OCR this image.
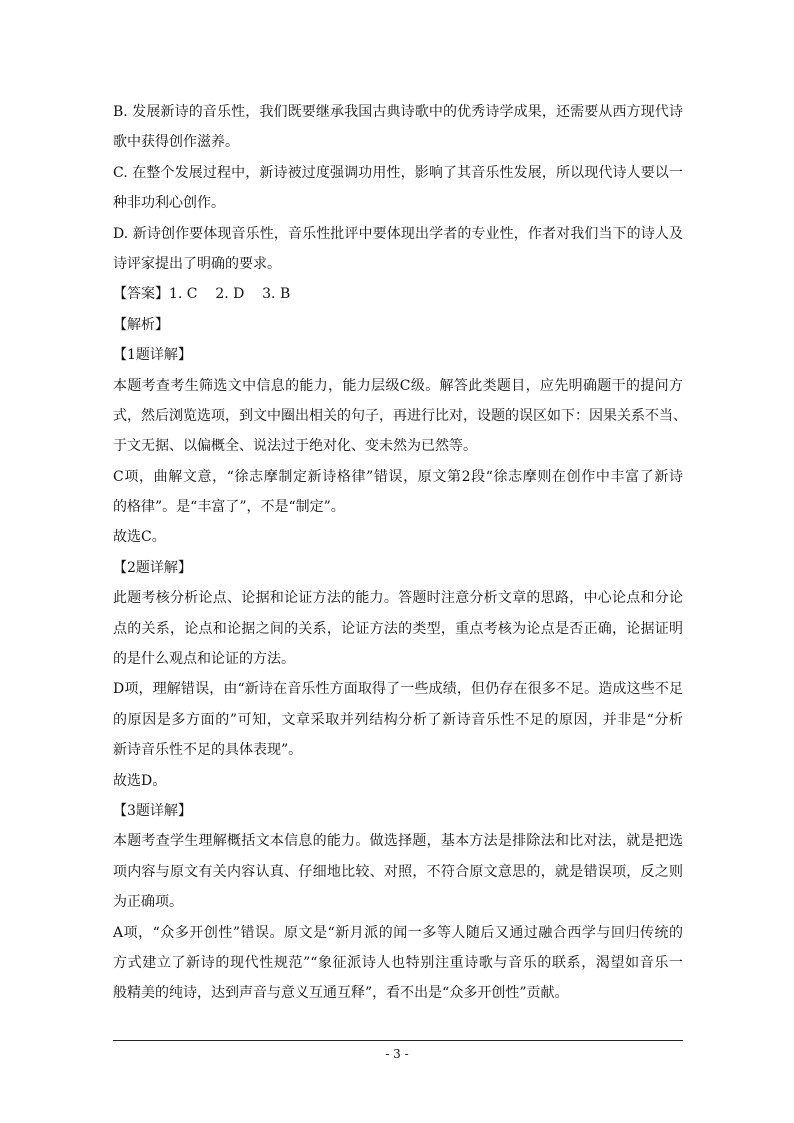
B. 发展新诗的音乐性，我们既要继承我国古典诗歌中的优秀诗学成果，还需要从西方现代诗
歌中获得创作滋养。
C. 在整个发展过程中，新诗被过度强调功用性，影响了其音乐性发展，所以现代诗人要以一
种非功利心创作。
D. 新诗创作要体现音乐性，音乐性批评中要体现出学者的专业性，作者对我们当下的诗人及
诗评家提出了明确的要求。
【答案】1. C    2. D    3. B
【解析】
【1题详解】
本题考查考生筛选文中信息的能力，能力层级C级。解答此类题目，应先明确题干的提问方
式，然后浏览选项，到文中圈出相关的句子，再进行比对，设题的误区如下：因果关系不当、
于文无据、以偏概全、说法过于绝对化、变未然为已然等。
C项，曲解文意，“徐志摩制定新诗格律”错误，原文第2段“徐志摩则在创作中丰富了新诗
的格律”。是“丰富了”，不是“制定”。
故选C。
【2题详解】
此题考核分析论点、论据和论证方法的能力。答题时注意分析文章的思路，中心论点和分论
点的关系，论点和论据之间的关系，论证方法的类型，重点考核为论点是否正确，论据证明
的是什么观点和论证的方法。
D项，理解错误，由“新诗在音乐性方面取得了一些成绩，但仍存在很多不足。造成这些不足
的原因是多方面的”可知，文章采取并列结构分析了新诗音乐性不足的原因，并非是“分析
新诗音乐性不足的具体表现”。
故选D。
【3题详解】
本题考查学生理解概括文本信息的能力。做选择题，基本方法是排除法和比对法，就是把选
项内容与原文有关内容认真、仔细地比较、对照，不符合原文意思的，就是错误项，反之则
为正确项。
A项，“众多开创性”错误。原文是“新月派的闻一多等人随后又通过融合西学与回归传统的
方式建立了新诗的现代性规范”“象征派诗人也特别注重诗歌与音乐的联系，渴望如音乐一
般精美的纯诗，达到声音与意义互通互释”，看不出是“众多开创性”贡献。
- 3 -
